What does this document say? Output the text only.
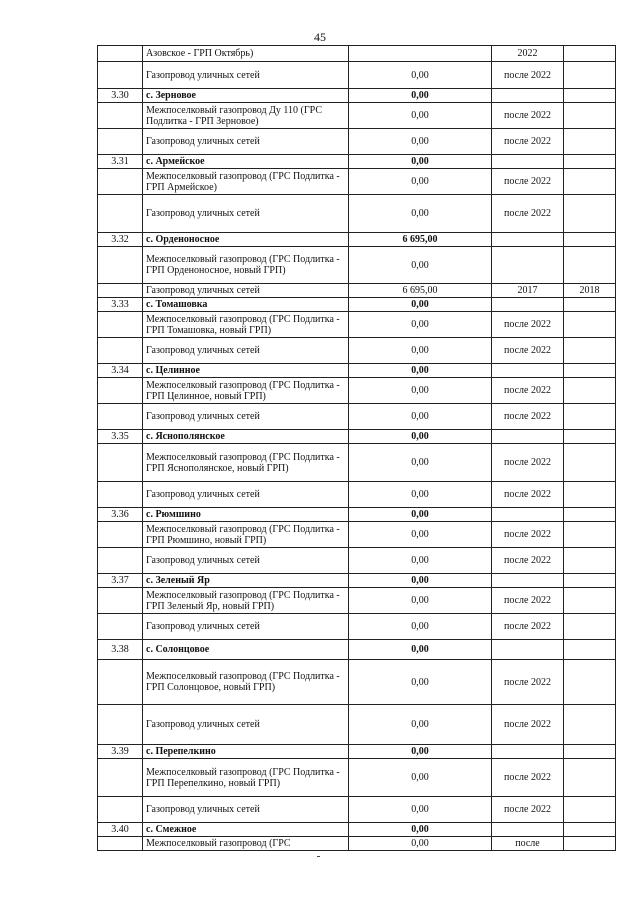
45
	Азовское - ГРП Октябрь)		2022	
	Газопровод уличных сетей	0,00	после 2022	
3.30	с. Зерновое	0,00		
	Межпоселковый газопровод Ду 110 (ГРС Подлитка - ГРП Зерновое)	0,00	после 2022	
	Газопровод уличных сетей	0,00	после 2022	
3.31	с. Армейское	0,00		
	Межпоселковый газопровод (ГРС Подлитка - ГРП Армейское)	0,00	после 2022	
	Газопровод уличных сетей	0,00	после 2022	
3.32	с. Орденоносное	6 695,00		
	Межпоселковый газопровод (ГРС Подлитка - ГРП Орденоносное, новый ГРП)	0,00		
	Газопровод уличных сетей	6 695,00	2017	2018
3.33	с. Томашовка	0,00		
	Межпоселковый газопровод (ГРС Подлитка - ГРП Томашовка, новый ГРП)	0,00	после 2022	
	Газопровод уличных сетей	0,00	после 2022	
3.34	с. Целинное	0,00		
	Межпоселковый газопровод (ГРС Подлитка - ГРП Целинное, новый ГРП)	0,00	после 2022	
	Газопровод уличных сетей	0,00	после 2022	
3.35	с. Яснополянское	0,00		
	Межпоселковый газопровод (ГРС Подлитка - ГРП Яснополянское, новый ГРП)	0,00	после 2022	
	Газопровод уличных сетей	0,00	после 2022	
3.36	с. Рюмшино	0,00		
	Межпоселковый газопровод (ГРС Подлитка - ГРП Рюмшино, новый ГРП)	0,00	после 2022	
	Газопровод уличных сетей	0,00	после 2022	
3.37	с. Зеленый Яр	0,00		
	Межпоселковый газопровод (ГРС Подлитка - ГРП Зеленый Яр, новый ГРП)	0,00	после 2022	
	Газопровод уличных сетей	0,00	после 2022	
3.38	с. Солонцовое	0,00		
	Межпоселковый газопровод (ГРС Подлитка - ГРП Солонцовое, новый ГРП)	0,00	после 2022	
	Газопровод уличных сетей	0,00	после 2022	
3.39	с. Перепелкино	0,00		
	Межпоселковый газопровод (ГРС Подлитка - ГРП Перепелкино, новый ГРП)	0,00	после 2022	
	Газопровод уличных сетей	0,00	после 2022	
3.40	с. Смежное	0,00		
	Межпоселковый газопровод (ГРС	0,00	после	
